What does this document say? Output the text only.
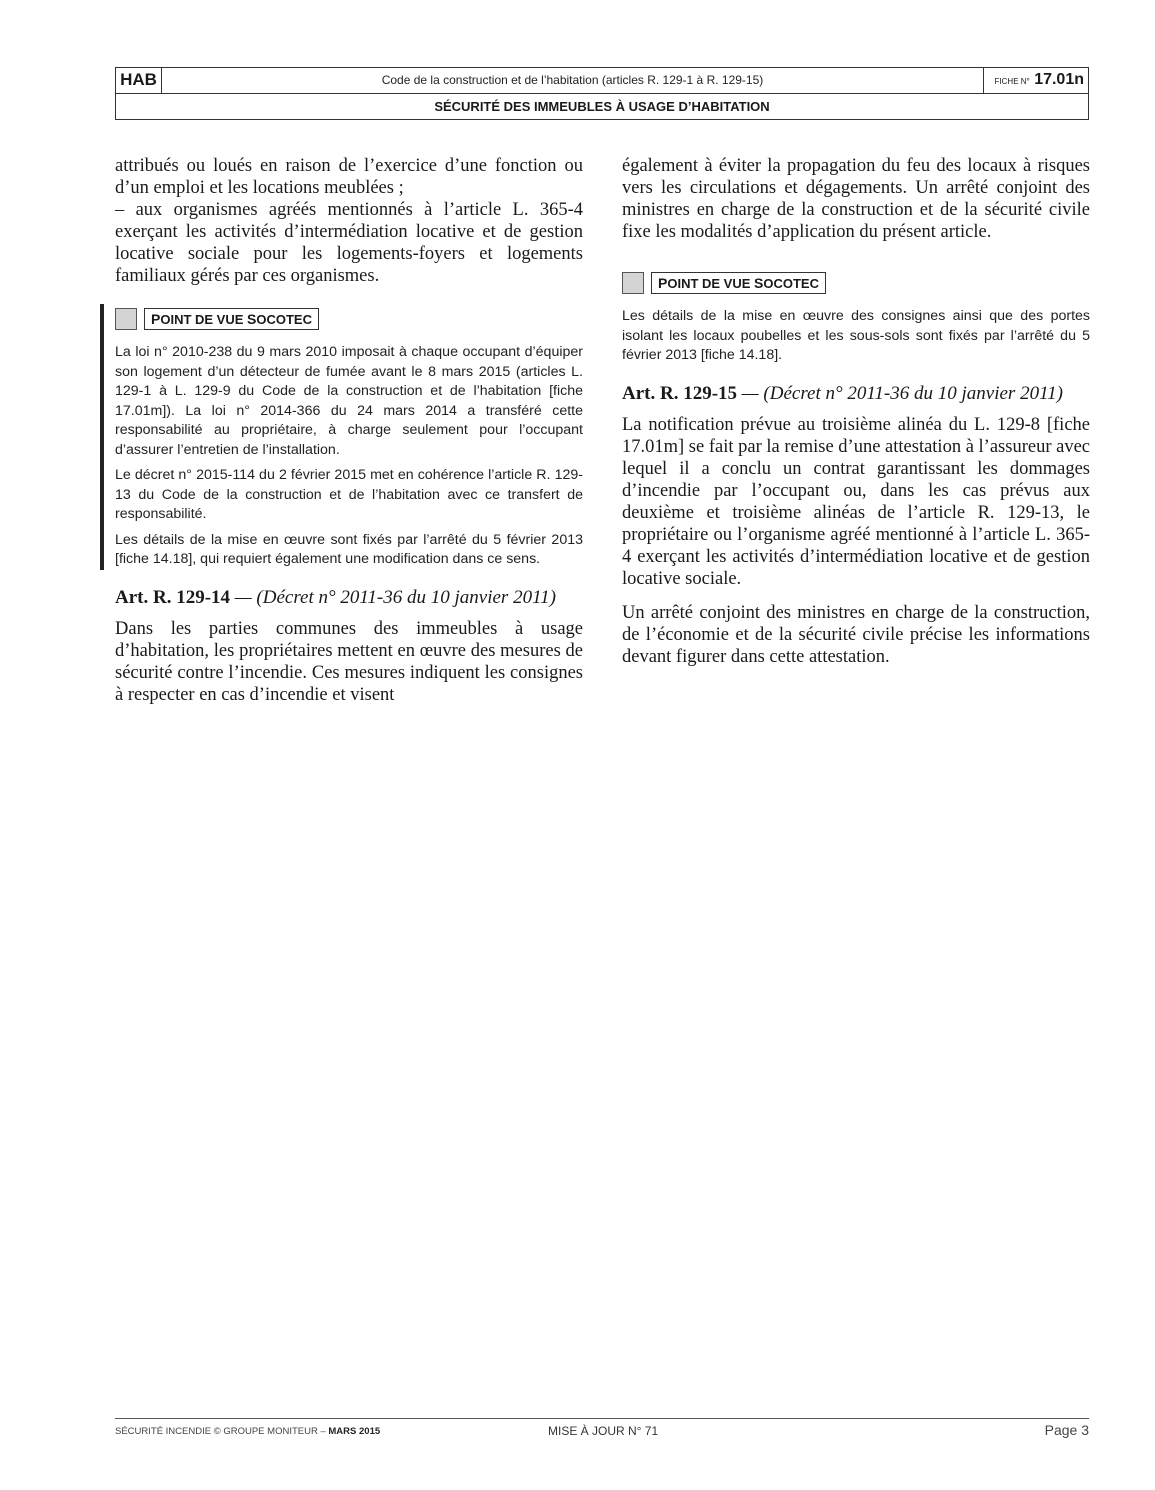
HAB	Code de la construction et de l’habitation (articles R. 129-1 à R. 129-15)	FICHE N° 17.01n
SÉCURITÉ DES IMMEUBLES À USAGE D’HABITATION

attribués ou loués en raison de l’exercice d’une fonction ou d’un emploi et les locations meublées ;

– aux organismes agréés mentionnés à l’article L. 365-4 exerçant les activités d’intermédiation locative et de gestion locative sociale pour les logements-foyers et logements familiaux gérés par ces organismes.

POINT DE VUE SOCOTEC

La loi n° 2010-238 du 9 mars 2010 imposait à chaque occupant d’équiper son logement d’un détecteur de fumée avant le 8 mars 2015 (articles L. 129-1 à L. 129-9 du Code de la construction et de l’habitation [fiche 17.01m]). La loi n° 2014-366 du 24 mars 2014 a transféré cette responsabilité au propriétaire, à charge seulement pour l’occupant d’assurer l’entretien de l’installation.

Le décret n° 2015-114 du 2 février 2015 met en cohérence l’article R. 129-13 du Code de la construction et de l’habitation avec ce transfert de responsabilité.

Les détails de la mise en œuvre sont fixés par l’arrêté du 5 février 2013 [fiche 14.18], qui requiert également une modification dans ce sens.

Art. R. 129-14 — (Décret n° 2011-36 du 10 janvier 2011)

Dans les parties communes des immeubles à usage d’habitation, les propriétaires mettent en œuvre des mesures de sécurité contre l’incendie. Ces mesures indiquent les consignes à respecter en cas d’incendie et visent

également à éviter la propagation du feu des locaux à risques vers les circulations et dégagements. Un arrêté conjoint des ministres en charge de la construction et de la sécurité civile fixe les modalités d’application du présent article.

POINT DE VUE SOCOTEC

Les détails de la mise en œuvre des consignes ainsi que des portes isolant les locaux poubelles et les sous-sols sont fixés par l’arrêté du 5 février 2013 [fiche 14.18].

Art. R. 129-15 — (Décret n° 2011-36 du 10 janvier 2011)

La notification prévue au troisième alinéa du L. 129-8 [fiche 17.01m] se fait par la remise d’une attestation à l’assureur avec lequel il a conclu un contrat garantissant les dommages d’incendie par l’occupant ou, dans les cas prévus aux deuxième et troisième alinéas de l’article R. 129-13, le propriétaire ou l’organisme agréé mentionné à l’article L. 365-4 exerçant les activités d’intermédiation locative et de gestion locative sociale.

Un arrêté conjoint des ministres en charge de la construction, de l’économie et de la sécurité civile précise les informations devant figurer dans cette attestation.

SÉCURITÉ INCENDIE © GROUPE MONITEUR – MARS 2015	MISE À JOUR N° 71	Page 3
